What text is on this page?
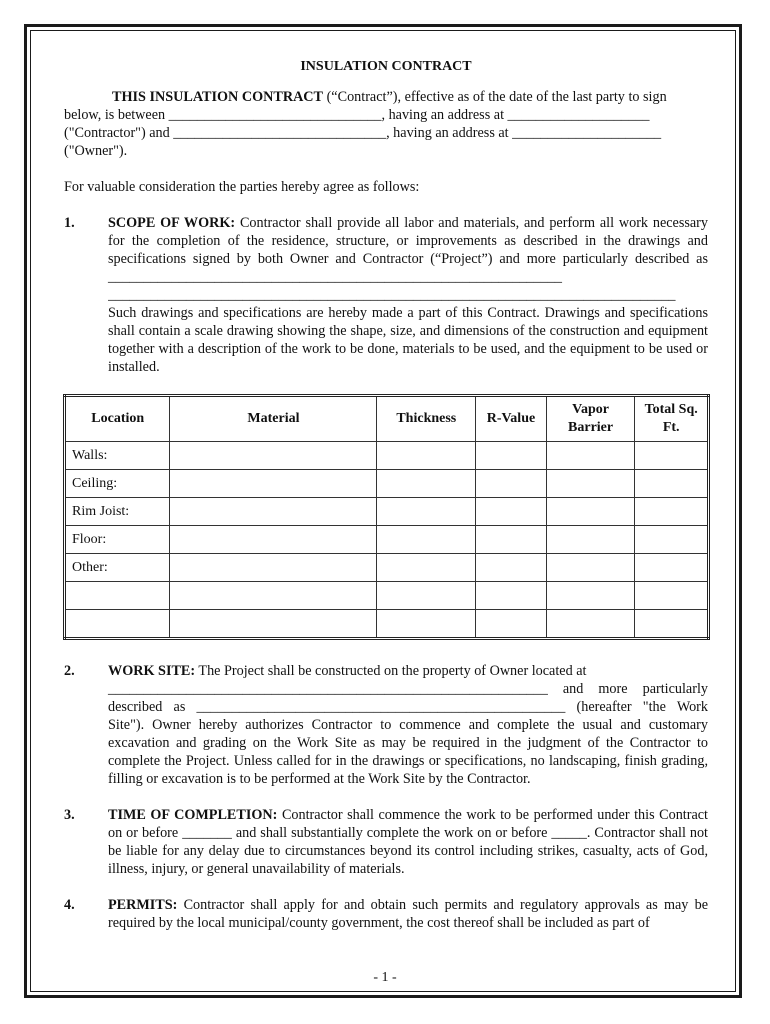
INSULATION CONTRACT

THIS INSULATION CONTRACT (“Contract”), effective as of the date of the last party to sign

below, is between ______________________________, having an address at ____________________

("Contractor") and ______________________________, having an address at _____________________

("Owner").

For valuable consideration the parties hereby agree as follows:

1. SCOPE OF WORK: Contractor shall provide all labor and materials, and perform all work necessary for the completion of the residence, structure, or improvements as described in the drawings and specifications signed by both Owner and Contractor (“Project”) and more particularly described as ________________________________________________________________

________________________________________________________________________________

Such drawings and specifications are hereby made a part of this Contract. Drawings and specifications shall contain a scale drawing showing the shape, size, and dimensions of the construction and equipment together with a description of the work to be done, materials to be used, and the equipment to be used or installed.

Location	Material	Thickness	R-Value	Vapor Barrier	Total Sq. Ft.
Walls:					
Ceiling:					
Rim Joist:					
Floor:					
Other:					

2. WORK SITE: The Project shall be constructed on the property of Owner located at

______________________________________________________________ and more particularly described as ____________________________________________________ (hereafter "the Work Site"). Owner hereby authorizes Contractor to commence and complete the usual and customary excavation and grading on the Work Site as may be required in the judgment of the Contractor to complete the Project. Unless called for in the drawings or specifications, no landscaping, finish grading, filling or excavation is to be performed at the Work Site by the Contractor.

3. TIME OF COMPLETION: Contractor shall commence the work to be performed under this Contract on or before _______ and shall substantially complete the work on or before _____. Contractor shall not be liable for any delay due to circumstances beyond its control including strikes, casualty, acts of God, illness, injury, or general unavailability of materials.

4. PERMITS: Contractor shall apply for and obtain such permits and regulatory approvals as may be required by the local municipal/county government, the cost thereof shall be included as part of

- 1 -
